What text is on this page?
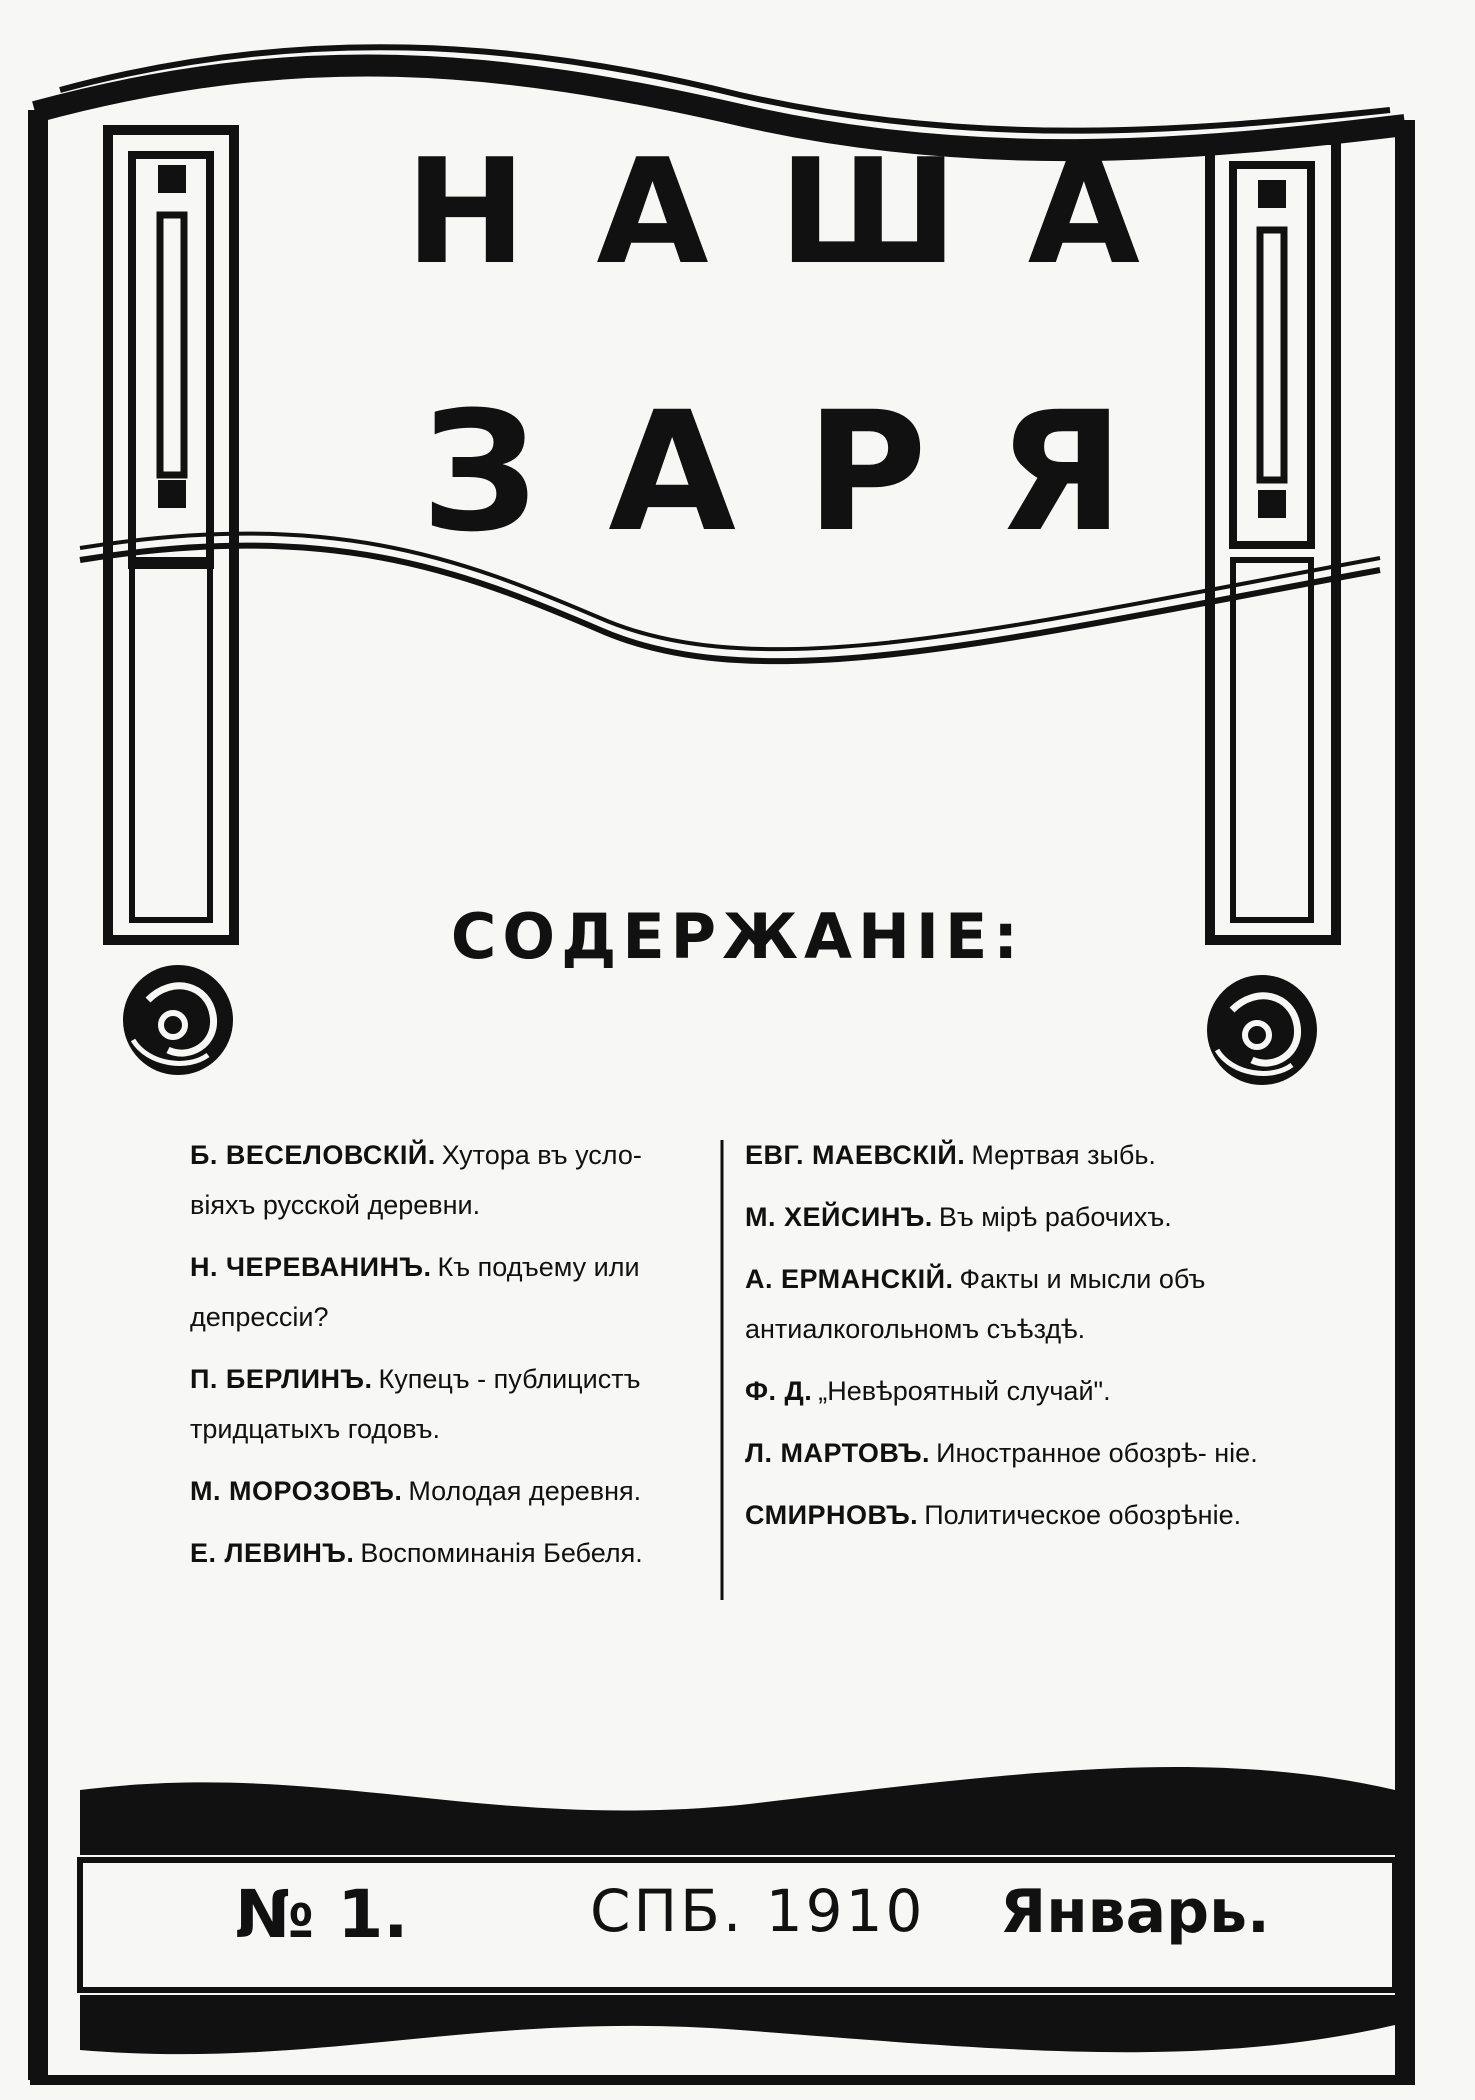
НАША
ЗАРЯ
СОДЕРЖАНІЕ:
Б. ВЕСЕЛОВСКІЙ. Хутора въ усло- віяхъ русской деревни.
Н. ЧЕРЕВАНИНЪ. Къ подъему или депрессіи?
П. БЕРЛИНЪ. Купецъ - публицистъ тридцатыхъ годовъ.
М. МОРОЗОВЪ. Молодая деревня.
Е. ЛЕВИНЪ. Воспоминанія Бебеля.
ЕВГ. МАЕВСКІЙ. Мертвая зыбь.
М. ХЕЙСИНЪ. Въ мірѣ рабочихъ.
А. ЕРМАНСКІЙ. Факты и мысли объ антиалкогольномъ съѣздѣ.
Ф. Д. „Невѣроятный случай".
Л. МАРТОВЪ. Иностранное обозрѣ- ніе.
СМИРНОВЪ. Политическое обозрѣніе.
№ 1.	СПБ. 1910 Январь.
